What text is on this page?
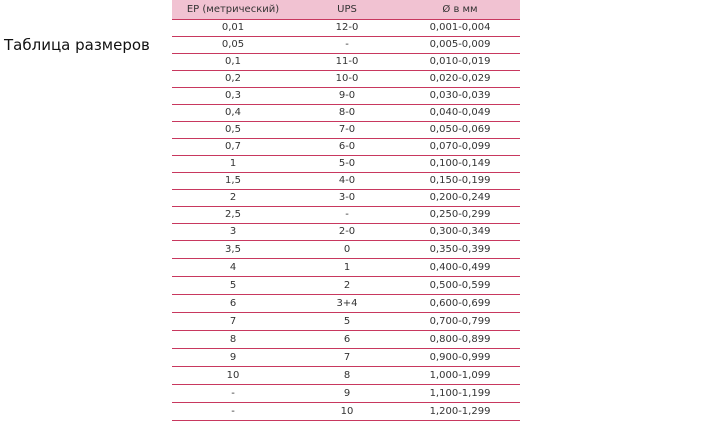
Таблица размеров
EP (метрический)	UPS	Ø в мм
0,01	12-0	0,001-0,004
0,05	-	0,005-0,009
0,1	11-0	0,010-0,019
0,2	10-0	0,020-0,029
0,3	9-0	0,030-0,039
0,4	8-0	0,040-0,049
0,5	7-0	0,050-0,069
0,7	6-0	0,070-0,099
1	5-0	0,100-0,149
1,5	4-0	0,150-0,199
2	3-0	0,200-0,249
2,5	-	0,250-0,299
3	2-0	0,300-0,349
3,5	0	0,350-0,399
4	1	0,400-0,499
5	2	0,500-0,599
6	3+4	0,600-0,699
7	5	0,700-0,799
8	6	0,800-0,899
9	7	0,900-0,999
10	8	1,000-1,099
-	9	1,100-1,199
-	10	1,200-1,299
